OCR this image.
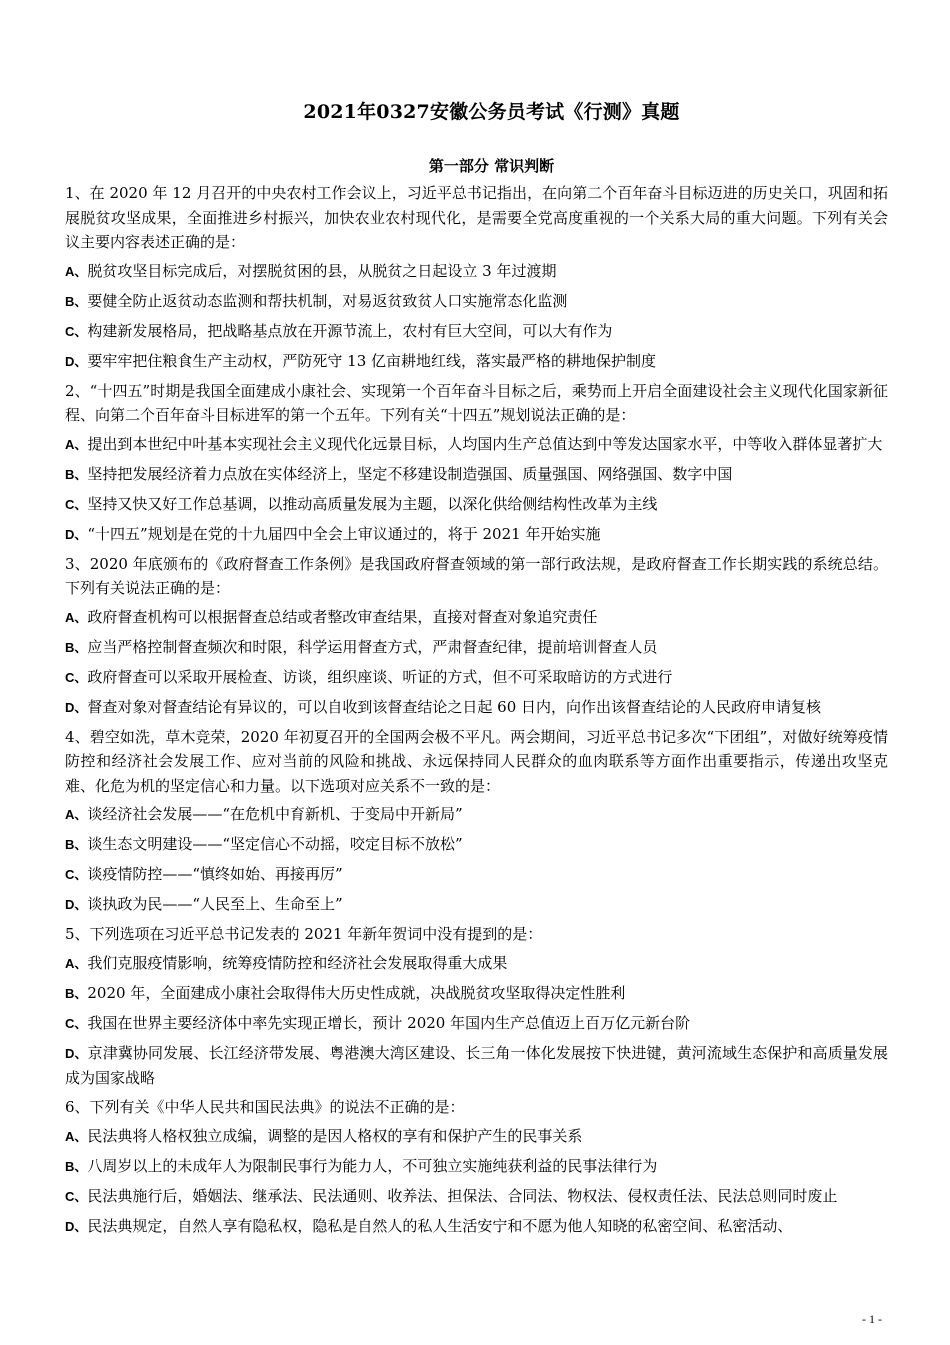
2021年0327安徽公务员考试《行测》真题
第一部分 常识判断

1、在 2020 年 12 月召开的中央农村工作会议上，习近平总书记指出，在向第二个百年奋斗目标迈进的历史关口，巩固和拓展脱贫攻坚成果，全面推进乡村振兴，加快农业农村现代化，是需要全党高度重视的一个关系大局的重大问题。下列有关会议主要内容表述正确的是：

A、脱贫攻坚目标完成后，对摆脱贫困的县，从脱贫之日起设立 3 年过渡期

B、要健全防止返贫动态监测和帮扶机制，对易返贫致贫人口实施常态化监测

C、构建新发展格局，把战略基点放在开源节流上，农村有巨大空间，可以大有作为

D、要牢牢把住粮食生产主动权，严防死守 13 亿亩耕地红线，落实最严格的耕地保护制度

2、“十四五”时期是我国全面建成小康社会、实现第一个百年奋斗目标之后，乘势而上开启全面建设社会主义现代化国家新征程、向第二个百年奋斗目标进军的第一个五年。下列有关“十四五”规划说法正确的是：

A、提出到本世纪中叶基本实现社会主义现代化远景目标，人均国内生产总值达到中等发达国家水平，中等收入群体显著扩大

B、坚持把发展经济着力点放在实体经济上，坚定不移建设制造强国、质量强国、网络强国、数字中国

C、坚持又快又好工作总基调，以推动高质量发展为主题，以深化供给侧结构性改革为主线

D、“十四五”规划是在党的十九届四中全会上审议通过的，将于 2021 年开始实施

3、2020 年底颁布的《政府督查工作条例》是我国政府督查领域的第一部行政法规，是政府督查工作长期实践的系统总结。下列有关说法正确的是：

A、政府督查机构可以根据督查总结或者整改审查结果，直接对督查对象追究责任

B、应当严格控制督查频次和时限，科学运用督查方式，严肃督查纪律，提前培训督查人员

C、政府督查可以采取开展检查、访谈，组织座谈、听证的方式，但不可采取暗访的方式进行

D、督查对象对督查结论有异议的，可以自收到该督查结论之日起 60 日内，向作出该督查结论的人民政府申请复核

4、碧空如洗，草木竞荣，2020 年初夏召开的全国两会极不平凡。两会期间，习近平总书记多次“下团组”，对做好统筹疫情防控和经济社会发展工作、应对当前的风险和挑战、永远保持同人民群众的血肉联系等方面作出重要指示，传递出攻坚克难、化危为机的坚定信心和力量。以下选项对应关系不一致的是：

A、谈经济社会发展——“在危机中育新机、于变局中开新局”

B、谈生态文明建设——“坚定信心不动摇，咬定目标不放松”

C、谈疫情防控——“慎终如始、再接再厉”

D、谈执政为民——“人民至上、生命至上”

5、下列选项在习近平总书记发表的 2021 年新年贺词中没有提到的是：

A、我们克服疫情影响，统筹疫情防控和经济社会发展取得重大成果

B、2020 年，全面建成小康社会取得伟大历史性成就，决战脱贫攻坚取得决定性胜利

C、我国在世界主要经济体中率先实现正增长，预计 2020 年国内生产总值迈上百万亿元新台阶

D、京津冀协同发展、长江经济带发展、粤港澳大湾区建设、长三角一体化发展按下快进键，黄河流域生态保护和高质量发展成为国家战略

6、下列有关《中华人民共和国民法典》的说法不正确的是：

A、民法典将人格权独立成编，调整的是因人格权的享有和保护产生的民事关系

B、八周岁以上的未成年人为限制民事行为能力人，不可独立实施纯获利益的民事法律行为

C、民法典施行后，婚姻法、继承法、民法通则、收养法、担保法、合同法、物权法、侵权责任法、民法总则同时废止

D、民法典规定，自然人享有隐私权，隐私是自然人的私人生活安宁和不愿为他人知晓的私密空间、私密活动、

- 1 -
